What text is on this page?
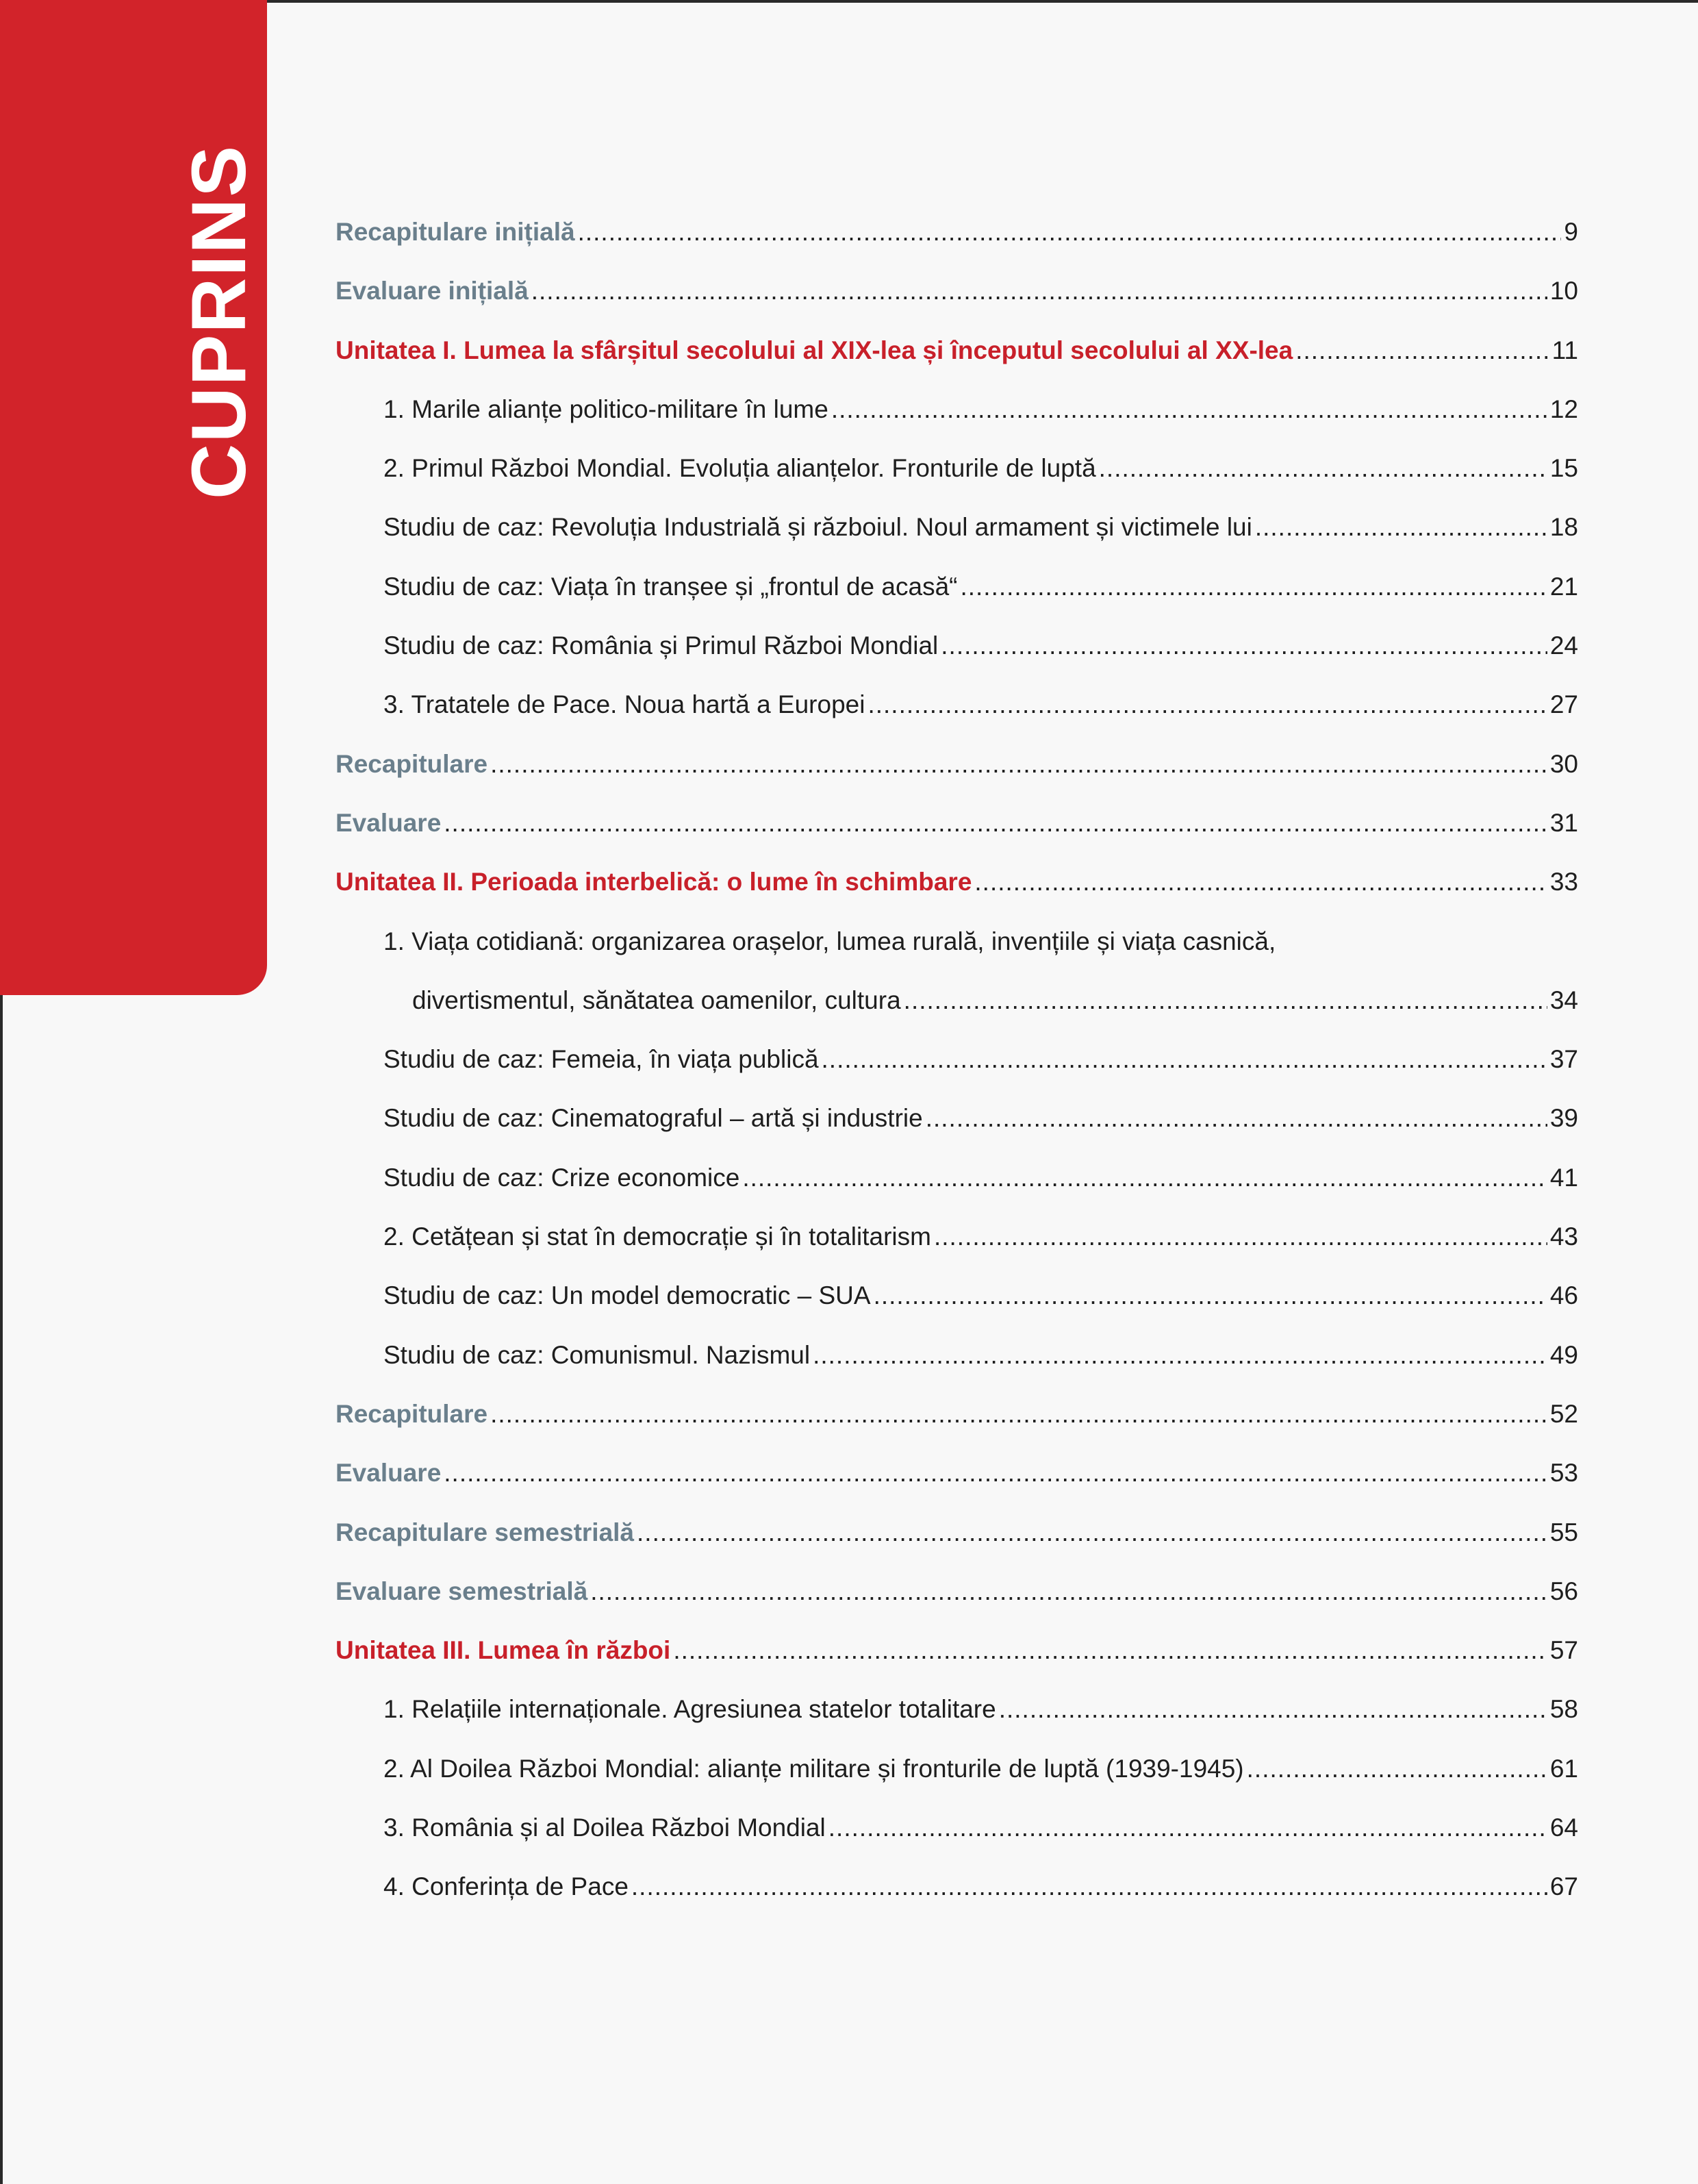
CUPRINS	Recapitulare inițială .....	9
Evaluare inițială .....	10
Unitatea I. Lumea la sfârșitul secolului al XIX-lea și începutul secolului al XX-lea .....	11
1. Marile alianțe politico-militare în lume .....	12
2. Primul Război Mondial. Evoluția alianțelor. Fronturile de luptă .....	15
Studiu de caz: Revoluția Industrială și războiul. Noul armament și victimele lui .....	18
Studiu de caz: Viața în tranșee și „frontul de acasă“ .....	21
Studiu de caz: România și Primul Război Mondial .....	24
3. Tratatele de Pace. Noua hartă a Europei .....	27
Recapitulare .....	30
Evaluare .....	31
Unitatea II. Perioada interbelică: o lume în schimbare .....	33
1. Viața cotidiană: organizarea orașelor, lumea rurală, invențiile și viața casnică,
divertismentul, sănătatea oamenilor, cultura .....	34
Studiu de caz: Femeia, în viața publică .....	37
Studiu de caz: Cinematograful – artă și industrie .....	39
Studiu de caz: Crize economice .....	41
2. Cetățean și stat în democrație și în totalitarism .....	43
Studiu de caz: Un model democratic – SUA .....	46
Studiu de caz: Comunismul. Nazismul .....	49
Recapitulare .....	52
Evaluare .....	53
Recapitulare semestrială .....	55
Evaluare semestrială .....	56
Unitatea III. Lumea în război .....	57
1. Relațiile internaționale. Agresiunea statelor totalitare .....	58
2. Al Doilea Război Mondial: alianțe militare și fronturile de luptă (1939-1945) .....	61
3. România și al Doilea Război Mondial .....	64
4. Conferința de Pace .....	67
